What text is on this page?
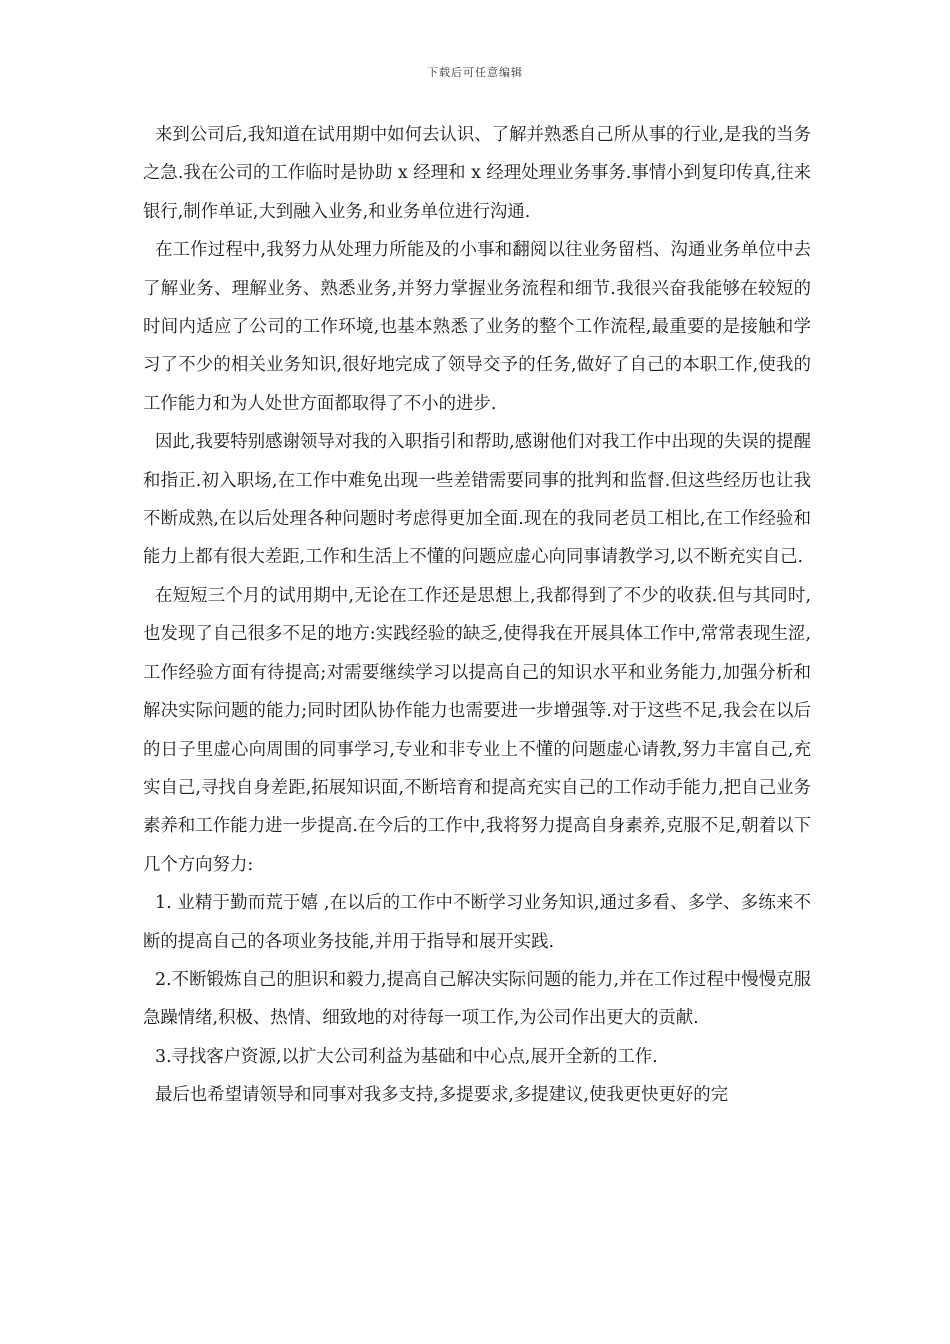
下载后可任意编辑

来到公司后,我知道在试用期中如何去认识、了解并熟悉自己所从事的行业,是我的当务之急.我在公司的工作临时是协助 x 经理和 x 经理处理业务事务.事情小到复印传真,往来银行,制作单证,大到融入业务,和业务单位进行沟通.

在工作过程中,我努力从处理力所能及的小事和翻阅以往业务留档、沟通业务单位中去了解业务、理解业务、熟悉业务,并努力掌握业务流程和细节.我很兴奋我能够在较短的时间内适应了公司的工作环境,也基本熟悉了业务的整个工作流程,最重要的是接触和学习了不少的相关业务知识,很好地完成了领导交予的任务,做好了自己的本职工作,使我的工作能力和为人处世方面都取得了不小的进步.

因此,我要特别感谢领导对我的入职指引和帮助,感谢他们对我工作中出现的失误的提醒和指正.初入职场,在工作中难免出现一些差错需要同事的批判和监督.但这些经历也让我不断成熟,在以后处理各种问题时考虑得更加全面.现在的我同老员工相比,在工作经验和能力上都有很大差距,工作和生活上不懂的问题应虚心向同事请教学习,以不断充实自己.

在短短三个月的试用期中,无论在工作还是思想上,我都得到了不少的收获.但与其同时,也发现了自己很多不足的地方:实践经验的缺乏,使得我在开展具体工作中,常常表现生涩,工作经验方面有待提高;对需要继续学习以提高自己的知识水平和业务能力,加强分析和解决实际问题的能力;同时团队协作能力也需要进一步增强等.对于这些不足,我会在以后的日子里虚心向周围的同事学习,专业和非专业上不懂的问题虚心请教,努力丰富自己,充实自己,寻找自身差距,拓展知识面,不断培育和提高充实自己的工作动手能力,把自己业务素养和工作能力进一步提高.在今后的工作中,我将努力提高自身素养,克服不足,朝着以下几个方向努力:

1. 业精于勤而荒于嬉 ,在以后的工作中不断学习业务知识,通过多看、多学、多练来不断的提高自己的各项业务技能,并用于指导和展开实践.

2.不断锻炼自己的胆识和毅力,提高自己解决实际问题的能力,并在工作过程中慢慢克服急躁情绪,积极、热情、细致地的对待每一项工作,为公司作出更大的贡献.

3.寻找客户资源,以扩大公司利益为基础和中心点,展开全新的工作.

最后也希望请领导和同事对我多支持,多提要求,多提建议,使我更快更好的完
